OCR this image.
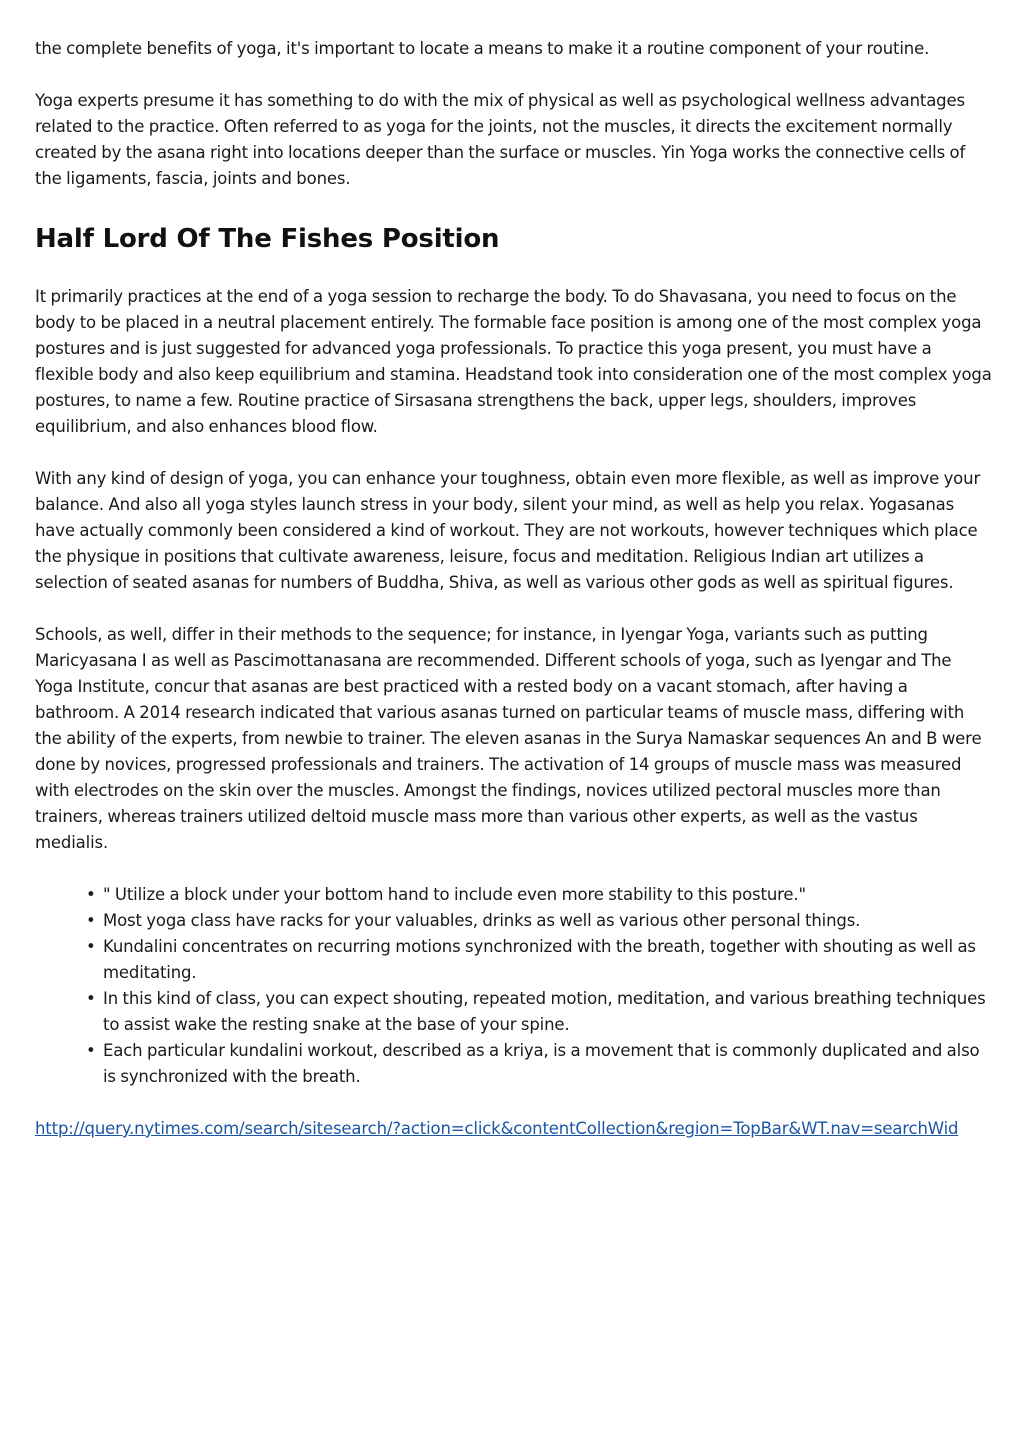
the complete benefits of yoga, it's important to locate a means to make it a routine component of your routine.

Yoga experts presume it has something to do with the mix of physical as well as psychological wellness advantages related to the practice. Often referred to as yoga for the joints, not the muscles, it directs the excitement normally created by the asana right into locations deeper than the surface or muscles. Yin Yoga works the connective cells of the ligaments, fascia, joints and bones.

Half Lord Of The Fishes Position

It primarily practices at the end of a yoga session to recharge the body. To do Shavasana, you need to focus on the body to be placed in a neutral placement entirely. The formable face position is among one of the most complex yoga postures and is just suggested for advanced yoga professionals. To practice this yoga present, you must have a flexible body and also keep equilibrium and stamina. Headstand took into consideration one of the most complex yoga postures, to name a few. Routine practice of Sirsasana strengthens the back, upper legs, shoulders, improves equilibrium, and also enhances blood flow.

With any kind of design of yoga, you can enhance your toughness, obtain even more flexible, as well as improve your balance. And also all yoga styles launch stress in your body, silent your mind, as well as help you relax. Yogasanas have actually commonly been considered a kind of workout. They are not workouts, however techniques which place the physique in positions that cultivate awareness, leisure, focus and meditation. Religious Indian art utilizes a selection of seated asanas for numbers of Buddha, Shiva, as well as various other gods as well as spiritual figures.

Schools, as well, differ in their methods to the sequence; for instance, in Iyengar Yoga, variants such as putting Maricyasana I as well as Pascimottanasana are recommended. Different schools of yoga, such as Iyengar and The Yoga Institute, concur that asanas are best practiced with a rested body on a vacant stomach, after having a bathroom. A 2014 research indicated that various asanas turned on particular teams of muscle mass, differing with the ability of the experts, from newbie to trainer. The eleven asanas in the Surya Namaskar sequences An and B were done by novices, progressed professionals and trainers. The activation of 14 groups of muscle mass was measured with electrodes on the skin over the muscles. Amongst the findings, novices utilized pectoral muscles more than trainers, whereas trainers utilized deltoid muscle mass more than various other experts, as well as the vastus medialis.

• " Utilize a block under your bottom hand to include even more stability to this posture."
• Most yoga class have racks for your valuables, drinks as well as various other personal things.
• Kundalini concentrates on recurring motions synchronized with the breath, together with shouting as well as meditating.
• In this kind of class, you can expect shouting, repeated motion, meditation, and various breathing techniques to assist wake the resting snake at the base of your spine.
• Each particular kundalini workout, described as a kriya, is a movement that is commonly duplicated and also is synchronized with the breath.
http://query.nytimes.com/search/sitesearch/?action=click&contentCollection&region=TopBar&WT.nav=searchWid
